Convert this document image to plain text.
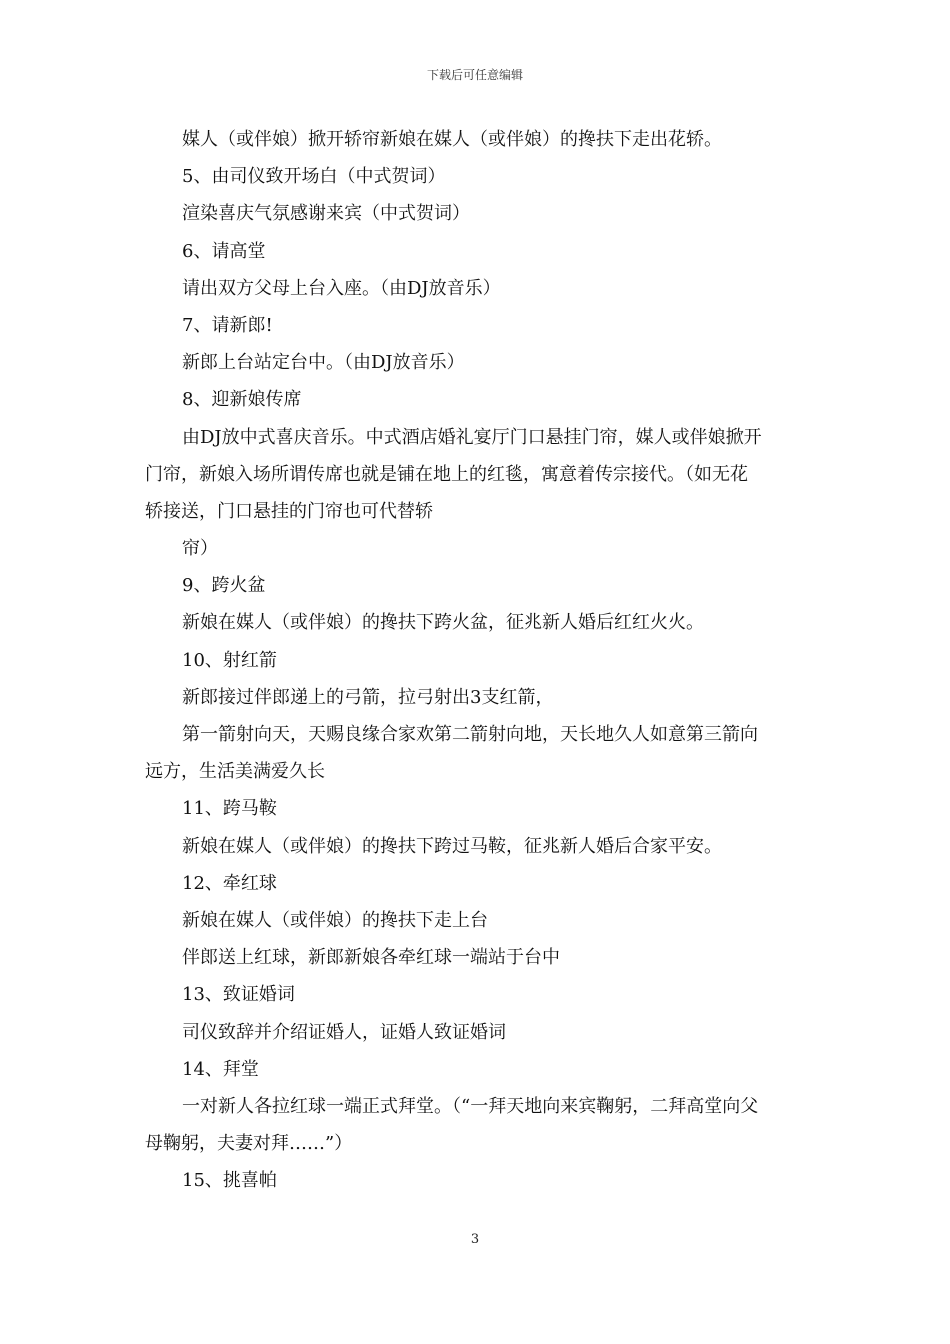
下载后可任意编辑
媒人（或伴娘）掀开轿帘新娘在媒人（或伴娘）的搀扶下走出花轿。
5、由司仪致开场白（中式贺词）
渲染喜庆气氛感谢来宾（中式贺词）
6、请高堂
请出双方父母上台入座。（由DJ放音乐）
7、请新郎!
新郎上台站定台中。（由DJ放音乐）
8、迎新娘传席
由DJ放中式喜庆音乐。中式酒店婚礼宴厅门口悬挂门帘，媒人或伴娘掀开
门帘，新娘入场所谓传席也就是铺在地上的红毯，寓意着传宗接代。（如无花
轿接送，门口悬挂的门帘也可代替轿
帘）
9、跨火盆
新娘在媒人（或伴娘）的搀扶下跨火盆，征兆新人婚后红红火火。
10、射红箭
新郎接过伴郎递上的弓箭，拉弓射出3支红箭，
第一箭射向天，天赐良缘合家欢第二箭射向地，天长地久人如意第三箭向
远方，生活美满爱久长
11、跨马鞍
新娘在媒人（或伴娘）的搀扶下跨过马鞍，征兆新人婚后合家平安。
12、牵红球
新娘在媒人（或伴娘）的搀扶下走上台
伴郎送上红球，新郎新娘各牵红球一端站于台中
13、致证婚词
司仪致辞并介绍证婚人，证婚人致证婚词
14、拜堂
一对新人各拉红球一端正式拜堂。（“一拜天地向来宾鞠躬，二拜高堂向父
母鞠躬，夫妻对拜……”）
15、挑喜帕
3
